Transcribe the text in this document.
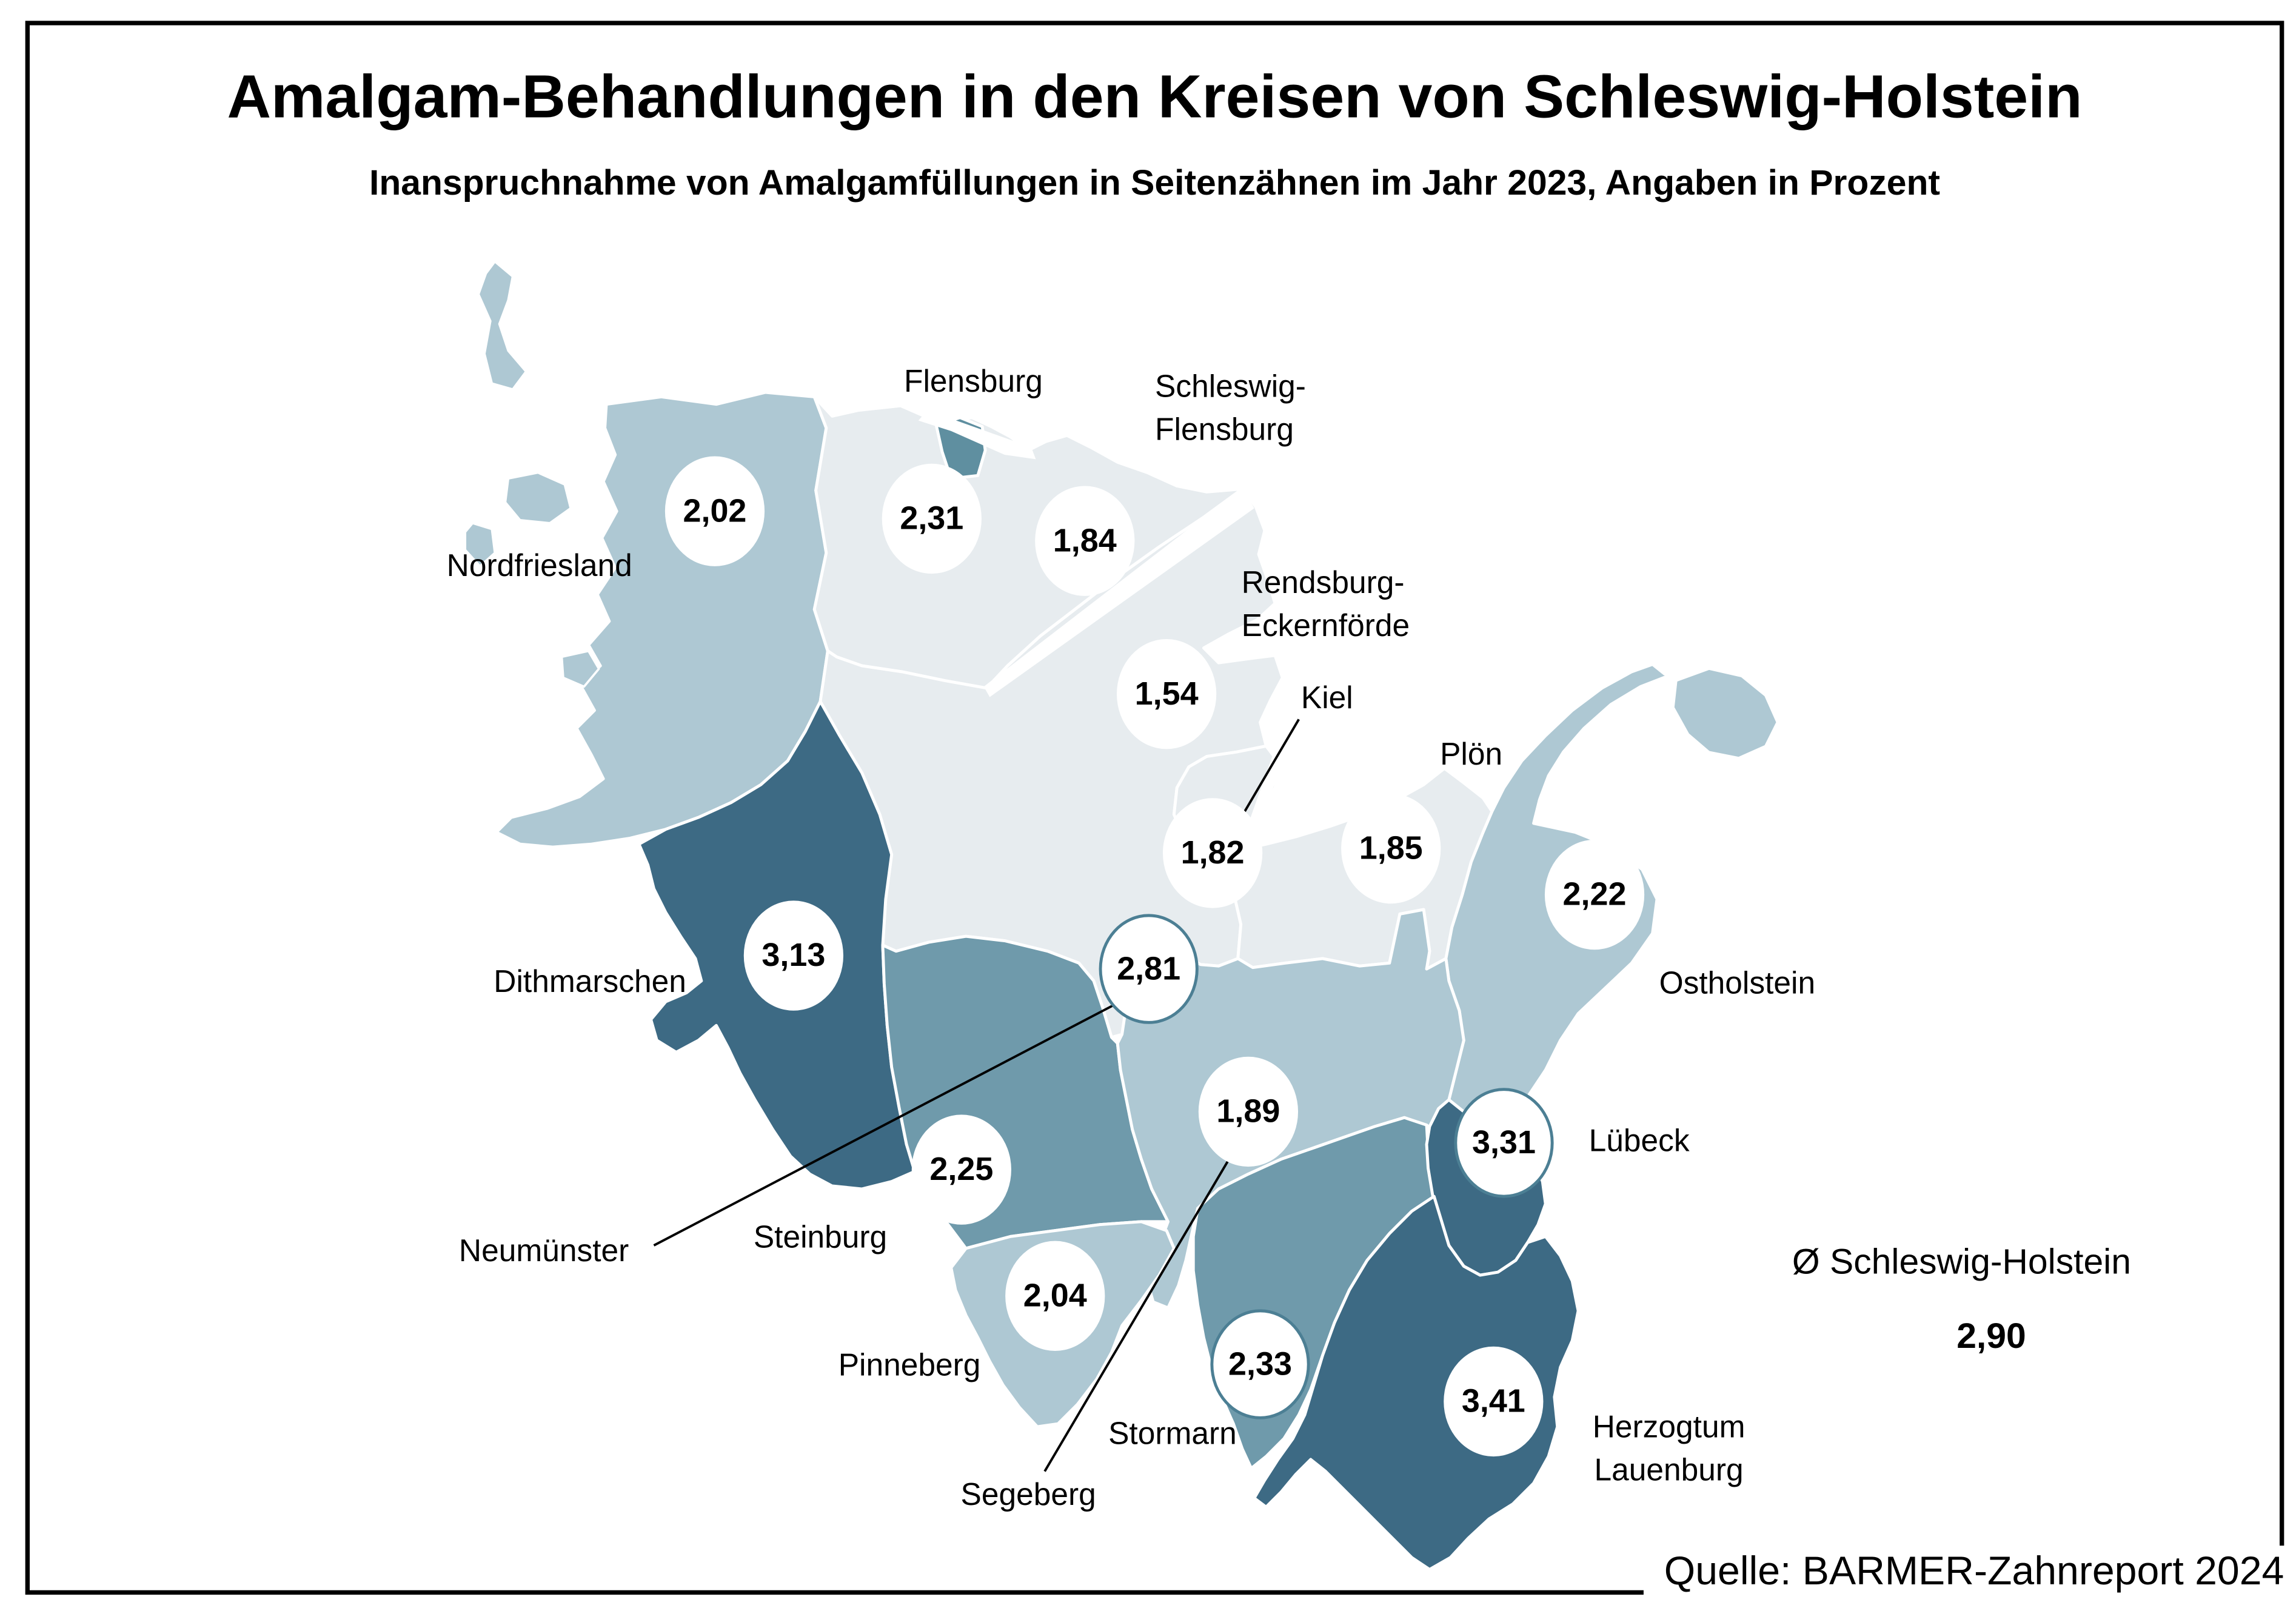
Amalgam-Behandlungen in den Kreisen von Schleswig-Holstein
Inanspruchnahme von Amalgamfüllungen in Seitenzähnen im Jahr 2023, Angaben in Prozent
2,02
Nordfriesland
1,84
Schleswig-
Flensburg
2,31
Flensburg
1,54
Rendsburg-
Eckernförde
1,82
Kiel
1,85
Plön
2,22
Ostholstein
3,13
Dithmarschen	2,81
Neumünster
2,25
Steinburg
1,89
Segeberg
2,04
Pinneberg	2,33
Stormarn
3,31	Lübeck
3,41
Herzogtum
Lauenburg
Ø Schleswig-Holstein
2,90
Quelle: BARMER-Zahnreport 2024
